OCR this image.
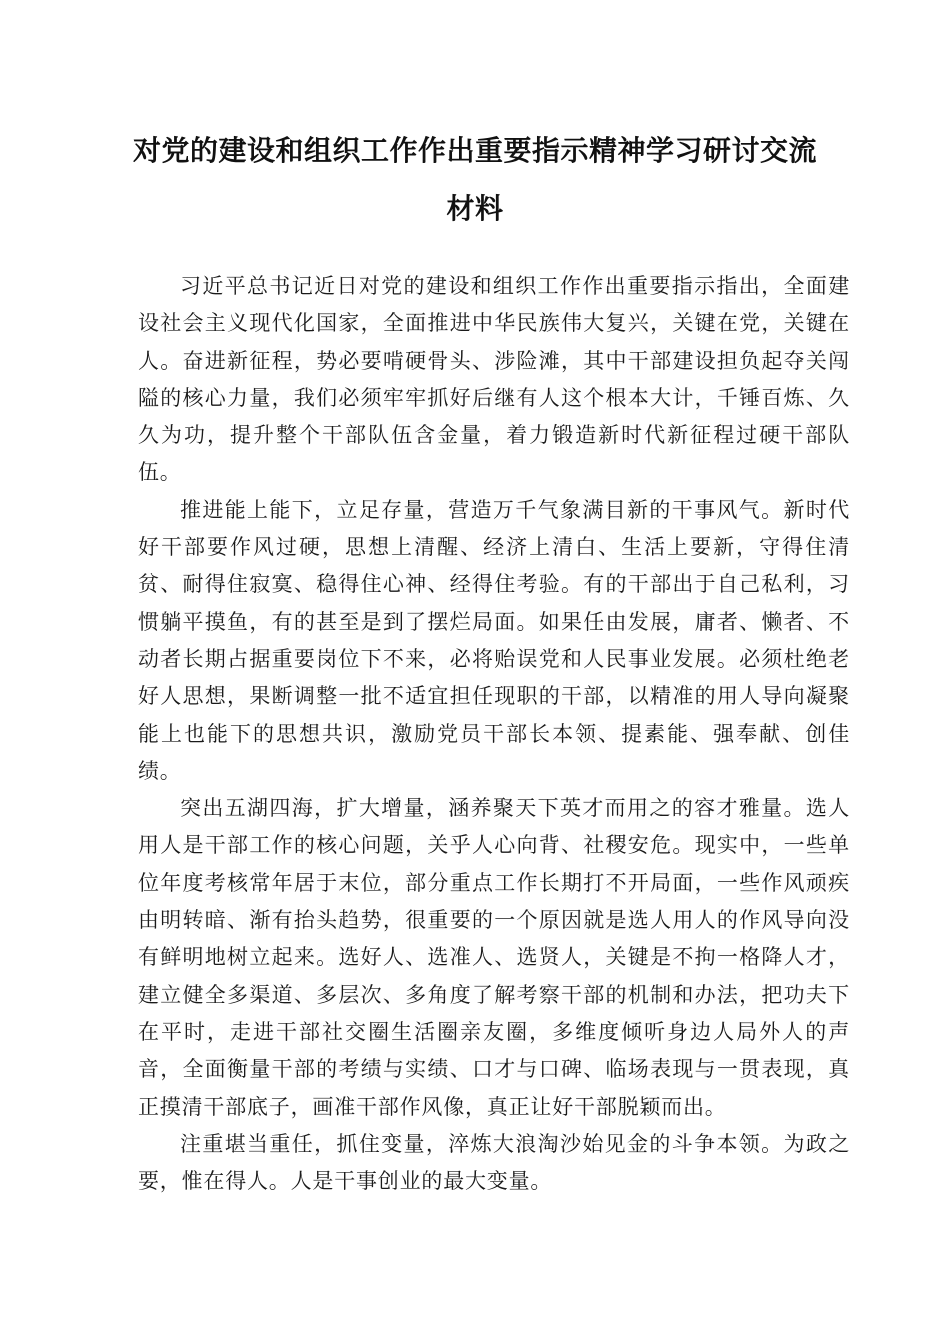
对党的建设和组织工作作出重要指示精神学习研讨交流材料

习近平总书记近日对党的建设和组织工作作出重要指示指出，全面建设社会主义现代化国家，全面推进中华民族伟大复兴，关键在党，关键在人。奋进新征程，势必要啃硬骨头、涉险滩，其中干部建设担负起夺关闯隘的核心力量，我们必须牢牢抓好后继有人这个根本大计，千锤百炼、久久为功，提升整个干部队伍含金量，着力锻造新时代新征程过硬干部队伍。

推进能上能下，立足存量，营造万千气象满目新的干事风气。新时代好干部要作风过硬，思想上清醒、经济上清白、生活上要新，守得住清贫、耐得住寂寞、稳得住心神、经得住考验。有的干部出于自己私利，习惯躺平摸鱼，有的甚至是到了摆烂局面。如果任由发展，庸者、懒者、不动者长期占据重要岗位下不来，必将贻误党和人民事业发展。必须杜绝老好人思想，果断调整一批不适宜担任现职的干部，以精准的用人导向凝聚能上也能下的思想共识，激励党员干部长本领、提素能、强奉献、创佳绩。

突出五湖四海，扩大增量，涵养聚天下英才而用之的容才雅量。选人用人是干部工作的核心问题，关乎人心向背、社稷安危。现实中，一些单位年度考核常年居于末位，部分重点工作长期打不开局面，一些作风顽疾由明转暗、渐有抬头趋势，很重要的一个原因就是选人用人的作风导向没有鲜明地树立起来。选好人、选准人、选贤人，关键是不拘一格降人才，建立健全多渠道、多层次、多角度了解考察干部的机制和办法，把功夫下在平时，走进干部社交圈生活圈亲友圈，多维度倾听身边人局外人的声音，全面衡量干部的考绩与实绩、口才与口碑、临场表现与一贯表现，真正摸清干部底子，画准干部作风像，真正让好干部脱颖而出。

注重堪当重任，抓住变量，淬炼大浪淘沙始见金的斗争本领。为政之要，惟在得人。人是干事创业的最大变量。
